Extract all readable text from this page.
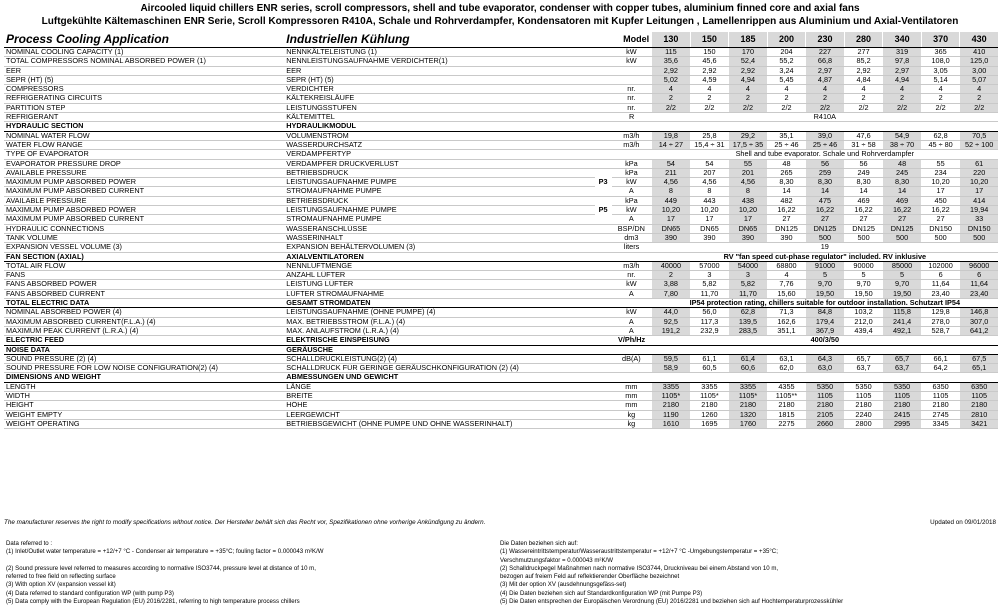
Aircooled liquid chillers ENR series, scroll compressors, shell and tube evaporator, condenser with copper tubes, aluminium finned core and axial fans
Luftgekühlte Kältemaschinen ENR Serie, Scroll Kompressoren R410A, Schale und Rohrverdampfer, Kondensatoren mit Kupfer Leitungen , Lamellenrippen aus Aluminium und Axial-Ventilatoren
Process Cooling Application	Industriellen Kühlung	Model		130	150	185	200	230	280	340	370	430
NOMINAL COOLING CAPACITY (1)	NENNKÄLTELEISTUNG (1)		kW	115	150	170	204	227	277	319	365	410
TOTAL COMPRESSORS NOMINAL ABSORBED POWER (1)	NENNLEISTUNGSAUFNAHME VERDICHTER(1)		kW	35,6	45,6	52,4	55,2	66,8	85,2	97,8	108,0	125,0
EER	EER			2,92	2,92	2,92	3,24	2,97	2,92	2,97	3,05	3,00
SEPR (HT) (5)	SEPR (HT) (5)			5,02	4,59	4,94	5,45	4,87	4,84	4,94	5,14	5,07
COMPRESSORS	VERDICHTER		nr.	4	4	4	4	4	4	4	4	4
REFRIGERATING CIRCUITS	KÄLTEKREISLÄUFE		nr.	2	2	2	2	2	2	2	2	2
PARTITION STEP	LEISTUNGSSTUFEN		nr.	2/2	2/2	2/2	2/2	2/2	2/2	2/2	2/2	2/2
REFRIGERANT	KÄLTEMITTEL		R	R410A								
HYDRAULIC SECTION	HYDRAULIKMODUL											
NOMINAL WATER FLOW	VOLUMENSTROM		m3/h	19,8	25,8	29,2	35,1	39,0	47,6	54,9	62,8	70,5
WATER FLOW RANGE	WASSERDURCHSATZ		m3/h	14 ÷ 27	15,4 ÷ 31	17,5 ÷ 35	25 ÷ 46	25 ÷ 46	31 ÷ 58	38 ÷ 70	45 ÷ 80	52 ÷ 100
TYPE OF EVAPORATOR	VERDAMPFERTYP			Shell and tube evaporator. Schale und Rohrverdampfer								
EVAPORATOR PRESSURE DROP	VERDAMPFER DRUCKVERLUST		kPa	54	54	55	48	56	56	48	55	61
AVAILABLE PRESSURE	BETRIEBSDRUCK	P3	kPa	211	207	201	265	259	249	245	234	220
MAXIMUM PUMP ABSORBED POWER	LEISTUNGSAUFNAHME PUMPE		kW	4,56	4,56	4,56	8,30	8,30	8,30	8,30	10,20	10,20
MAXIMUM PUMP ABSORBED CURRENT	STROMAUFNAHME PUMPE		A	8	8	8	14	14	14	14	17	17
AVAILABLE PRESSURE	BETRIEBSDRUCK	P5	kPa	449	443	438	482	475	469	469	450	414
MAXIMUM PUMP ABSORBED POWER	LEISTUNGSAUFNAHME PUMPE		kW	10,20	10,20	10,20	16,22	16,22	16,22	16,22	16,22	19,94
MAXIMUM PUMP ABSORBED CURRENT	STROMAUFNAHME PUMPE		A	17	17	17	27	27	27	27	27	33
HYDRAULIC CONNECTIONS	WASSERANSCHLÜSSE		BSP/DN	DN65	DN65	DN65	DN125	DN125	DN125	DN125	DN150	DN150
TANK VOLUME	WASSERINHALT		dm3	390	390	390	390	500	500	500	500	500
EXPANSION VESSEL VOLUME (3)	EXPANSION BEHÄLTERVOLUMEN (3)		liters	19								
FAN SECTION (AXIAL)	AXIALVENTILATOREN			RV "fan speed cut-phase regulator" included. RV inklusive								
TOTAL AIR FLOW	NENNLUFTMENGE		m3/h	40000	57000	54000	68800	91000	90000	85000	102000	96000
FANS	ANZAHL LÜFTER		nr.	2	3	3	4	5	5	5	6	6
FANS ABSORBED POWER	LEISTUNG LÜFTER		kW	3,88	5,82	5,82	7,76	9,70	9,70	9,70	11,64	11,64
FANS ABSORBED CURRENT	LÜFTER STROMAUFNAHME		A	7,80	11,70	11,70	15,60	19,50	19,50	19,50	23,40	23,40
TOTAL ELECTRIC DATA	GESAMT STROMDATEN			IP54 protection rating, chillers suitable for outdoor installation. Schutzart IP54								
NOMINAL ABSORBED POWER (4)	LEISTUNGSAUFNAHME (OHNE PUMPE) (4)		kW	44,0	56,0	62,8	71,3	84,8	103,2	115,8	129,8	146,8
MAXIMUM ABSORBED CURRENT(F.L.A.) (4)	MAX. BETRIEBSSTROM (F.L.A.) (4)		A	92,5	117,3	139,5	162,6	179,4	212,0	241,4	278,0	307,0
MAXIMUM PEAK CURRENT (L.R.A.) (4)	MAX. ANLAUFSTROM (L.R.A.) (4)		A	191,2	232,9	283,5	351,1	367,9	439,4	492,1	528,7	641,2
ELECTRIC FEED	ELEKTRISCHE EINSPEISUNG		V/Ph/Hz	400/3/50								
NOISE DATA	GERÄUSCHE											
SOUND PRESSURE (2) (4)	SCHALLDRUCKLEISTUNG(2) (4)		dB(A)	59,5	61,1	61,4	63,1	64,3	65,7	65,7	66,1	67,5
SOUND PRESSURE FOR LOW NOISE CONFIGURATION(2) (4)	SCHALLDRUCK FÜR GERINGE GERÄUSCHKONFIGURATION (2) (4)			58,9	60,5	60,6	62,0	63,0	63,7	63,7	64,2	65,1
DIMENSIONS AND WEIGHT	ABMESSUNGEN UND GEWICHT											
LENGTH	LÄNGE		mm	3355	3355	3355	4355	5350	5350	5350	6350	6350
WIDTH	BREITE		mm	1105*	1105*	1105*	1105**	1105	1105	1105	1105	1105
HEIGHT	HÖHE		mm	2180	2180	2180	2180	2180	2180	2180	2180	2180
WEIGHT EMPTY	LEERGEWICHT		kg	1190	1260	1320	1815	2105	2240	2415	2745	2810
WEIGHT OPERATING	BETRIEBSGEWICHT (OHNE PUMPE UND OHNE WASSERINHALT)		kg	1610	1695	1760	2275	2660	2800	2995	3345	3421
The manufacturer reserves the right to modify specifications without notice. Der Hersteller behält sich das Recht vor, Spezifikationen ohne vorherige Ankündigung zu ändern.	Updated on 09/01/2018
Data referred to :
(1) Inlet/Outlet water temperature = +12/+7 °C - Condenser air temperature = +35°C; fouling factor = 0.000043 m²K/W

(2) Sound pressure level referred to measures according to normative ISO3744, pressure level at distance of 10 m,
referred to free field on reflecting surface
(3) With option XV (expansion vessel kit)
(4) Data referred to standard configuration WP (with pump P3)
(5) Data comply with the European Regulation (EU) 2016/2281, referring to high temperature process chillers
Die Daten beziehen sich auf:
(1) Wassereintrittstemperatur/Wasseraustrittstemperatur = +12/+7 °C -Umgebungstemperatur = +35°C;
Verschmutzungsfaktor = 0.000043 m²K/W
(2) Schalldruckpegel Maßnahmen nach normative ISO3744, Druckniveau bei einem Abstand von 10 m,
bezogen auf freiem Feld auf reflektierender Oberfläche bezeichnet
(3) Mit der option XV (ausdehnungsgefäss-set)
(4) Die Daten beziehen sich auf Standardkonfiguration WP (mit Pumpe P3)
(5) Die Daten entsprechen der Europäischen Verordnung (EU) 2016/2281 und beziehen sich auf Hochtemperaturprozesskühler
